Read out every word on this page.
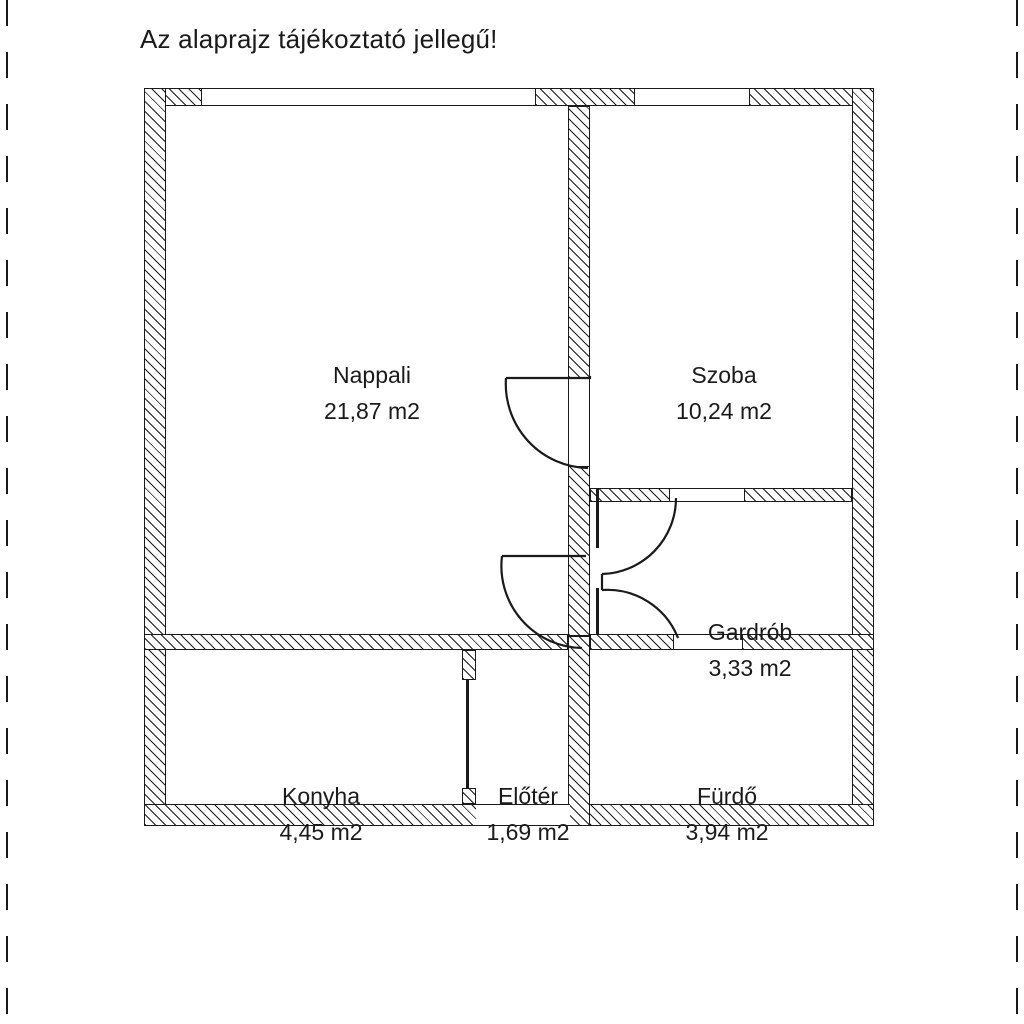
Az alaprajz tájékoztató jellegű!
Nappali
21,87 m2
Szoba
10,24 m2
Gardrób
3,33 m2
Konyha
4,45 m2
Előtér
1,69 m2
Fürdő
3,94 m2
